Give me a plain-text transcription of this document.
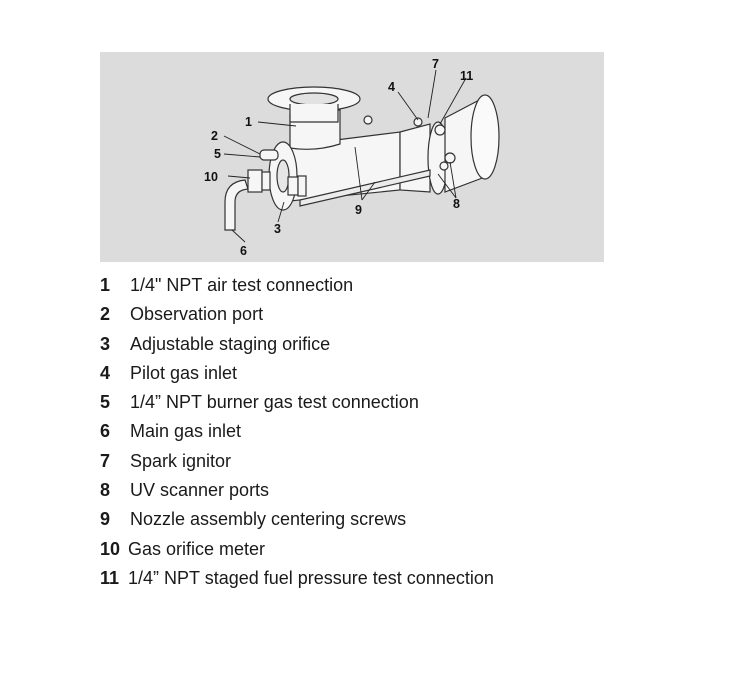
1
2
3
4
5
6
7
8
9
10
11
1 1/4" NPT air test connection
2 Observation port
3 Adjustable staging orifice
4 Pilot gas inlet
5 1/4” NPT burner gas test connection
6 Main gas inlet
7 Spark ignitor
8 UV scanner ports
9 Nozzle assembly centering screws
10 Gas orifice meter
11 1/4” NPT staged fuel pressure test connection
